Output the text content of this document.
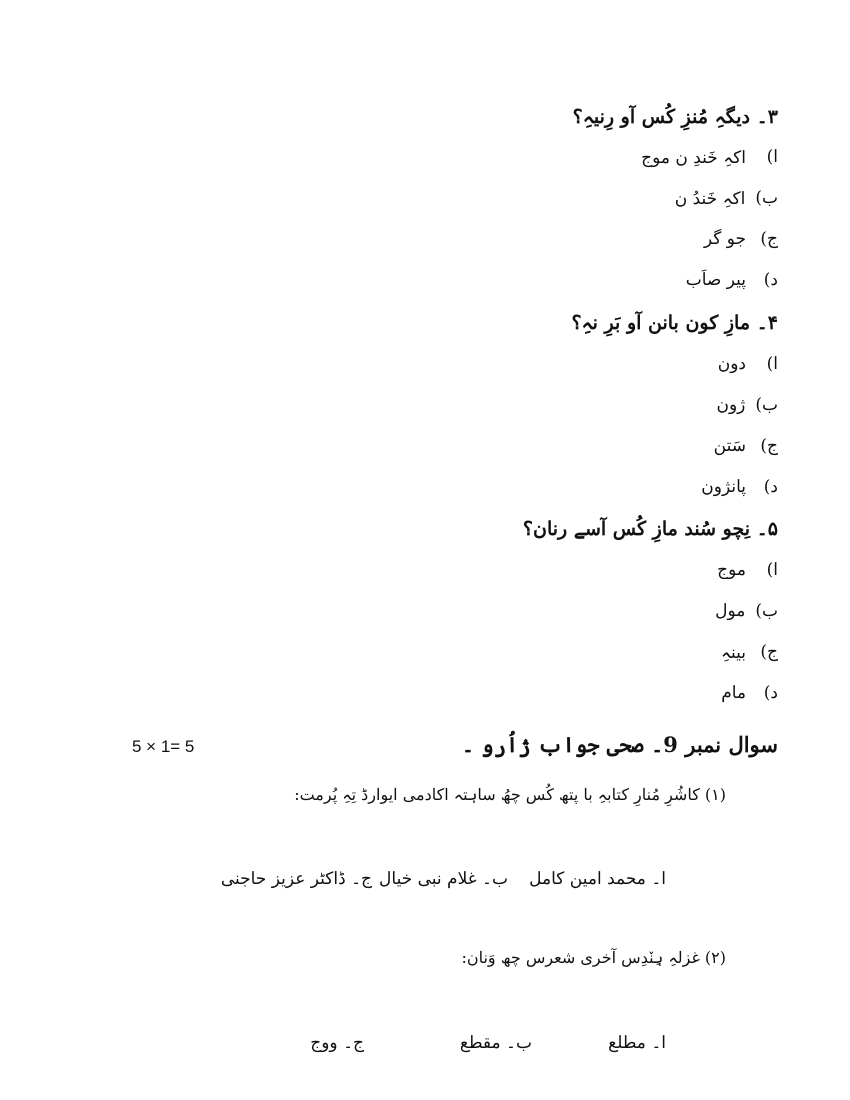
۳۔ دیگہِ مُنزِ کُس آو رِنیہِ؟
ا)
اکہِ خَندِ ن موج
ب)
اکہِ خَندُ ن
ج)
جو گر
د)
پیر صاَب
۴۔ مازِ کون بانن آو بَرِ نہِ؟
ا)
دون
ب)
ژون
ج)
سَتن
د)
پانژون
۵۔ نِچو سُند مازِ کُس آسے رنان؟
ا)
موج
ب)
مول
ج)
بینہِ
د)
مام
سوال نمبر 9۔ صحی جواب ژاُرو ۔
5 × 1= 5
(۱) کاشُرِ مُنارِ کتابہِ با پتھ کُس چھُ ساہتہ اکادمی ایوارڈ تِہِ پُرمت:
ا۔ محمد امین کامل
ب۔ غلام نبی خیال
ج۔ ڈاکٹر عزیز حاجنی
(۲) غزلہِ ہِنٚدِس آخری شعرس چھ وَنان:
ا۔ مطلع
ب۔ مقطع
ج۔ ووج
